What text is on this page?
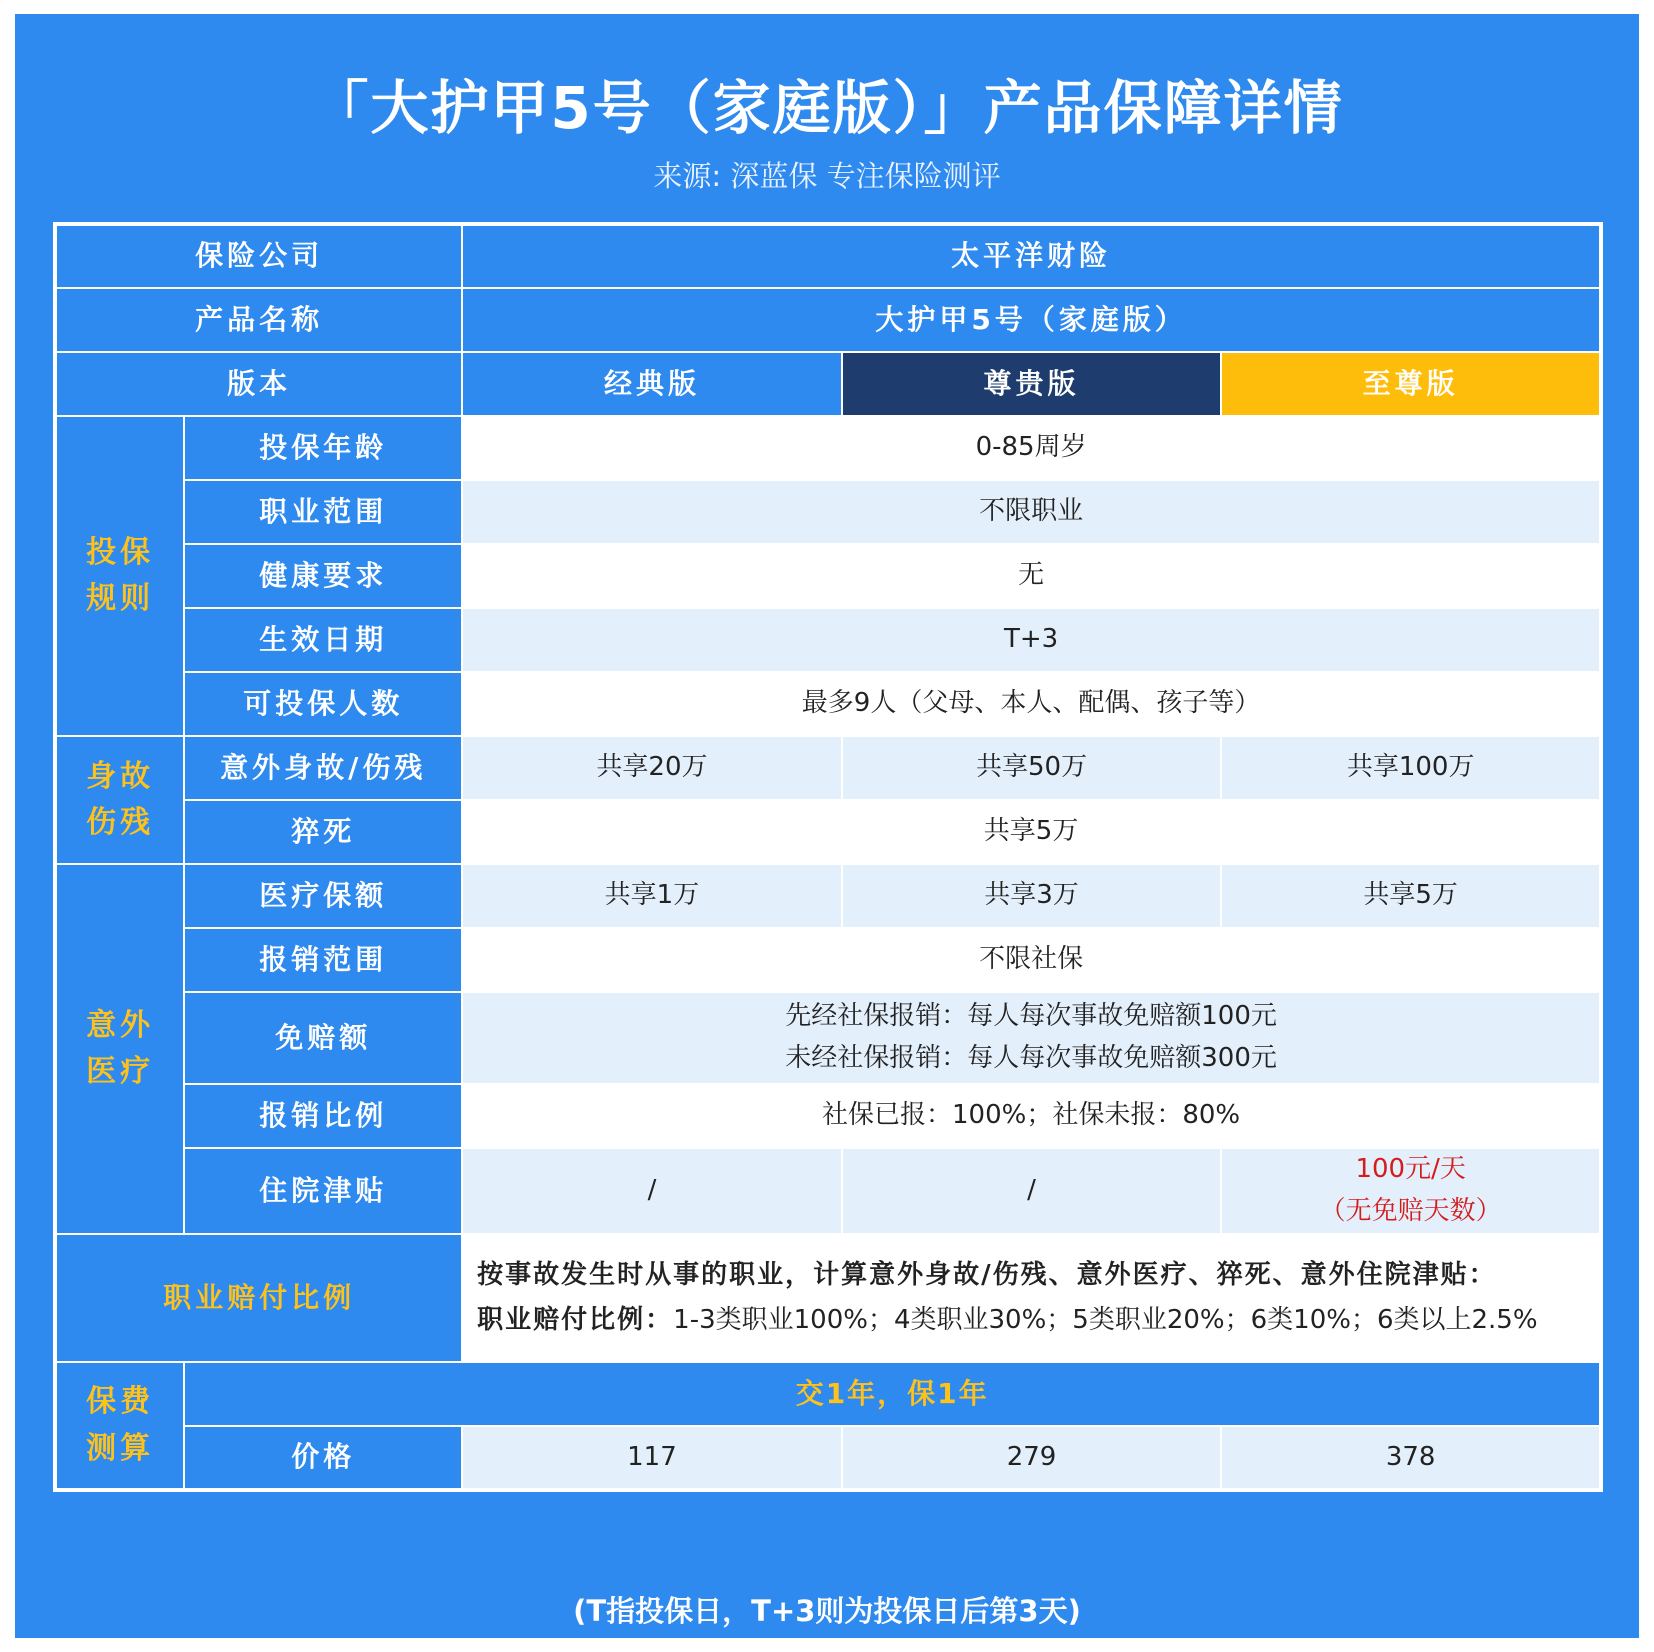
「大护甲5号（家庭版）」产品保障详情
来源: 深蓝保 专注保险测评
保险公司		太平洋财险		
产品名称		大护甲5号（家庭版）		
版本		经典版	尊贵版	至尊版

投保
规则	投保年龄	0-85周岁		
	职业范围	不限职业		
	健康要求	无		
	生效日期	T+3		
	可投保人数	最多9人（父母、本人、配偶、孩子等）		

身故
伤残	意外身故/伤残	共享20万	共享50万	共享100万
	猝死	共享5万		

意外
医疗	医疗保额	共享1万	共享3万	共享5万
	报销范围	不限社保		
	免赔额	先经社保报销：每人每次事故免赔额100元
未经社保报销：每人每次事故免赔额300元		

	报销比例	社保已报：100%；社保未报：80%		
	住院津贴	/	/	100元/天
（无免赔天数）

职业赔付比例		按事故发生时从事的职业，计算意外身故/伤残、意外医疗、猝死、意外住院津贴：
职业赔付比例：1-3类职业100%；4类职业30%；5类职业20%；6类10%；6类以上2.5%		

保费
测算	交1年，保1年			
	价格	117	279	378
(T指投保日，T+3则为投保日后第3天)
